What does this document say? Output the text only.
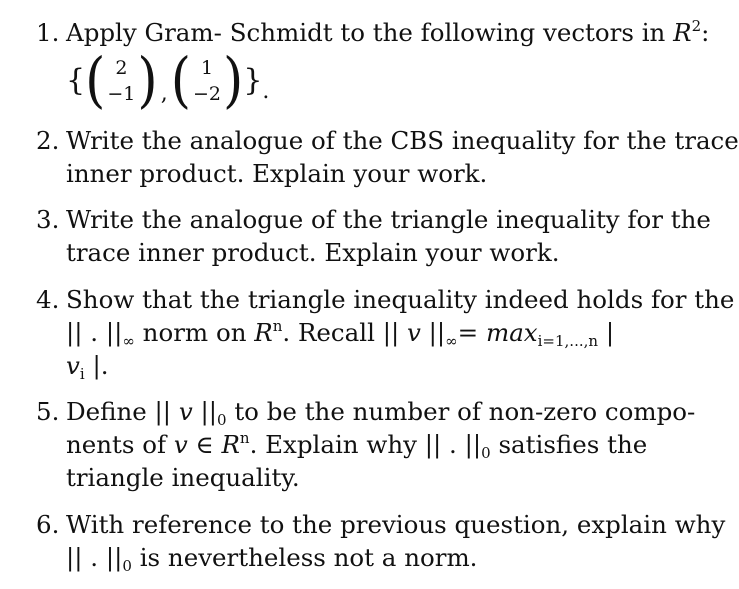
1. Apply Gram- Schmidt to the following vectors in $R^2$:
{ ( 2
−1 ) , ( 1
−2 ) } .
2. Write the analogue of the CBS inequality for the trace
inner product. Explain your work.
3. Write the analogue of the triangle inequality for the
trace inner product. Explain your work.
4. Show that the triangle inequality indeed holds for the
|| . $||_\infty$ norm on $R^n$. Recall || v $||_\infty= \max_{i=1,...,n}$ |
$v_i$ |.
5. Define || v $||_0$ to be the number of non-zero compo-
nents of v ∈ $R^n$. Explain why || . $||_0$ satisfies the
triangle inequality.
6. With reference to the previous question, explain why
|| . $||_0$ is nevertheless not a norm.
